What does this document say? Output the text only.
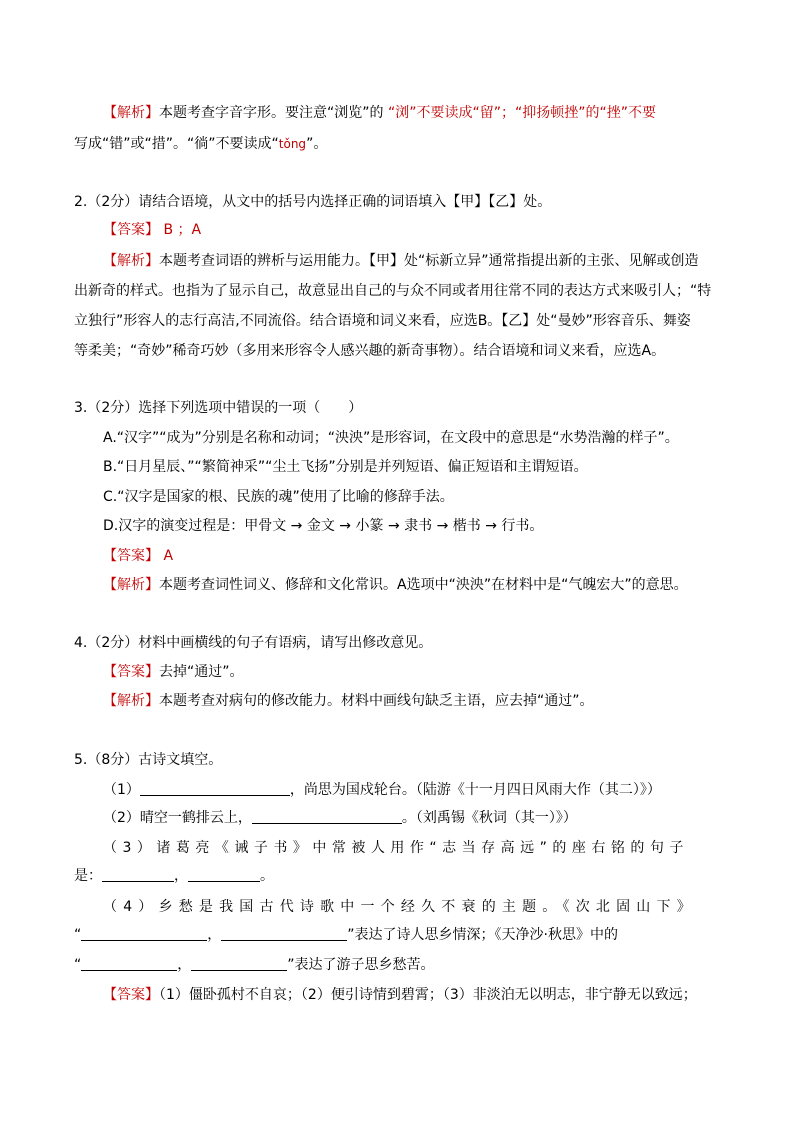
【解析】本题考查字音字形。要注意“浏览”的 “浏”不要读成“留”；“抑扬顿挫”的“挫”不要
写成“错”或“措”。“徜”不要读成“tǒng”。
2.（2分）请结合语境，从文中的括号内选择正确的词语填入【甲】【乙】处。
【答案】 B ；A
【解析】本题考查词语的辨析与运用能力。【甲】处“标新立异”通常指提出新的主张、见解或创造
出新奇的样式。也指为了显示自己，故意显出自己的与众不同或者用往常不同的表达方式来吸引人；“特
立独行”形容人的志行高洁,不同流俗。结合语境和词义来看，应选B。【乙】处“曼妙”形容音乐、舞姿
等柔美；“奇妙”稀奇巧妙（多用来形容令人感兴趣的新奇事物）。结合语境和词义来看，应选A。
3.（2分）选择下列选项中错误的一项（　　）
A.“汉字”“成为”分别是名称和动词；“泱泱”是形容词，在文段中的意思是“水势浩瀚的样子”。
B.“日月星辰、”“繁简神采”“尘土飞扬”分别是并列短语、偏正短语和主谓短语。
C.“汉字是国家的根、民族的魂”使用了比喻的修辞手法。
D.汉字的演变过程是：甲骨文 → 金文 → 小篆 → 隶书 → 楷书 → 行书。
【答案】 A
【解析】本题考查词性词义、修辞和文化常识。A选项中“泱泱”在材料中是“气魄宏大”的意思。
4.（2分）材料中画横线的句子有语病，请写出修改意见。
【答案】去掉“通过”。
【解析】本题考查对病句的修改能力。材料中画线句缺乏主语，应去掉“通过”。
5.（8分）古诗文填空。
（1）	，尚思为国戍轮台。（陆游《十一月四日风雨大作（其二）》）
（2）晴空一鹤排云上，	。（刘禹锡《秋词（其一）》）
（3）诸葛亮《诫子书》中常被人用作“志当存高远”的座右铭的句子
是：	，	。
（4）乡愁是我国古代诗歌中一个经久不衰的主题。《次北固山下》
“	，	”表达了诗人思乡情深；《天净沙·秋思》中的
“	，	”表达了游子思乡愁苦。
【答案】（1）僵卧孤村不自哀；（2）便引诗情到碧霄；（3）非淡泊无以明志，非宁静无以致远；
